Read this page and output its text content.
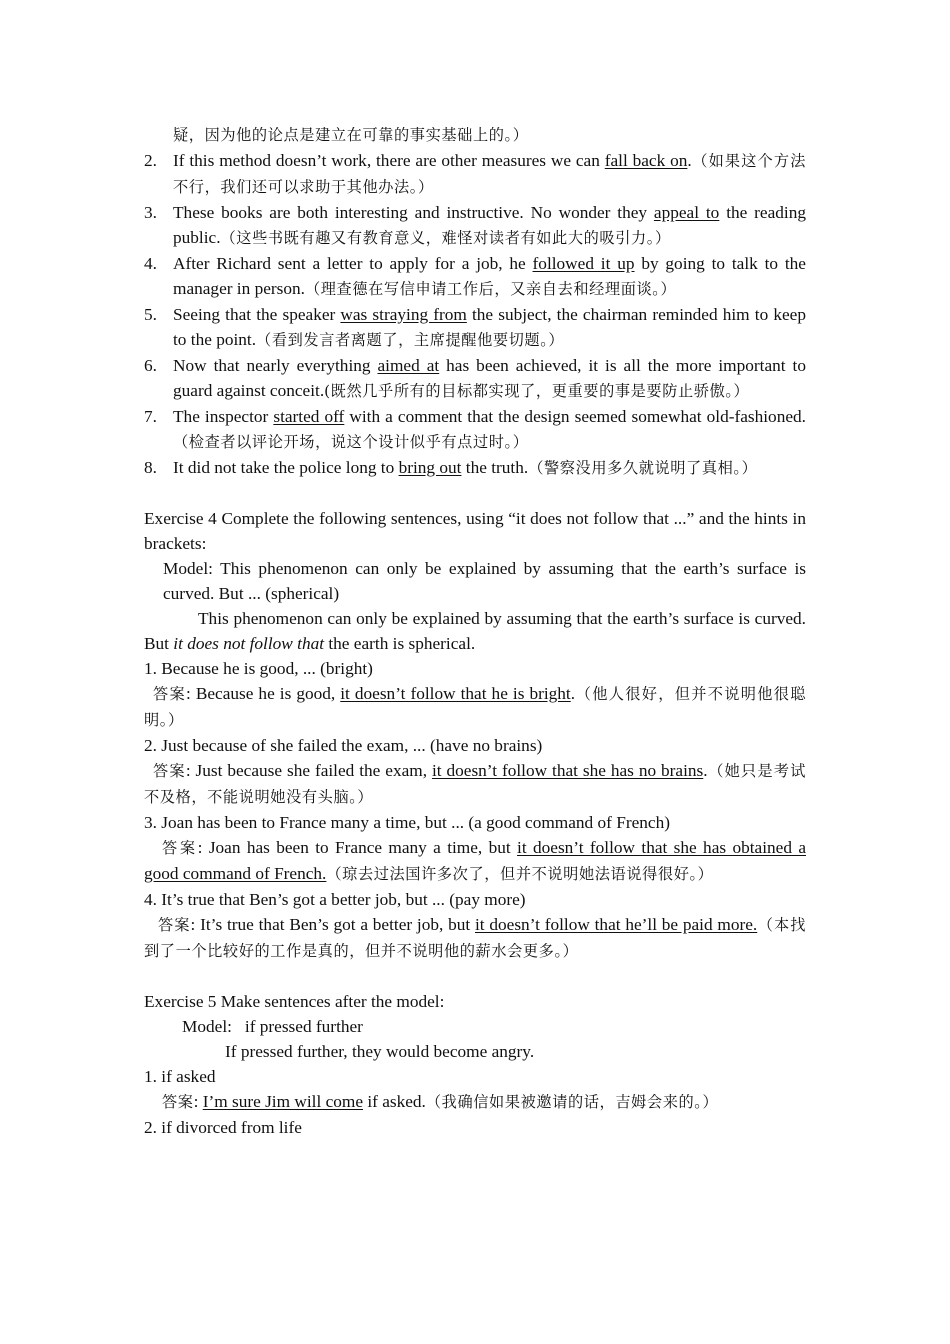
疑，因为他的论点是建立在可靠的事实基础上的。）

2. If this method doesn’t work, there are other measures we can fall back on.（如果这个方法不行，我们还可以求助于其他办法。）
3. These books are both interesting and instructive. No wonder they appeal to the reading public.（这些书既有趣又有教育意义，难怪对读者有如此大的吸引力。）
4. After Richard sent a letter to apply for a job, he followed it up by going to talk to the manager in person.（理查德在写信申请工作后，又亲自去和经理面谈。）
5. Seeing that the speaker was straying from the subject, the chairman reminded him to keep to the point.（看到发言者离题了，主席提醒他要切题。）
6. Now that nearly everything aimed at has been achieved, it is all the more important to guard against conceit.(既然几乎所有的目标都实现了，更重要的事是要防止骄傲。）
7. The inspector started off with a comment that the design seemed somewhat old-fashioned.（检查者以评论开场，说这个设计似乎有点过时。）
8. It did not take the police long to bring out the truth.（警察没用多久就说明了真相。）

Exercise 4 Complete the following sentences, using “it does not follow that ...” and the hints in brackets:

Model: This phenomenon can only be explained by assuming that the earth’s surface is curved. But ... (spherical)

This phenomenon can only be explained by assuming that the earth’s surface is curved. But it does not follow that the earth is spherical.

1. Because he is good, ... (bright)

答案: Because he is good, it doesn’t follow that he is bright.（他人很好，但并不说明他很聪明。）

2. Just because of she failed the exam, ... (have no brains)

答案: Just because she failed the exam, it doesn’t follow that she has no brains.（她只是考试不及格，不能说明她没有头脑。）

3. Joan has been to France many a time, but ... (a good command of French)

答案: Joan has been to France many a time, but it doesn’t follow that she has obtained a good command of French.（琼去过法国许多次了，但并不说明她法语说得很好。）

4. It’s true that Ben’s got a better job, but ... (pay more)

答案: It’s true that Ben’s got a better job, but it doesn’t follow that he’ll be paid more.（本找到了一个比较好的工作是真的，但并不说明他的薪水会更多。）

Exercise 5 Make sentences after the model:

Model: if pressed further

If pressed further, they would become angry.

1. if asked

答案: I’m sure Jim will come if asked.（我确信如果被邀请的话，吉姆会来的。）

2. if divorced from life
